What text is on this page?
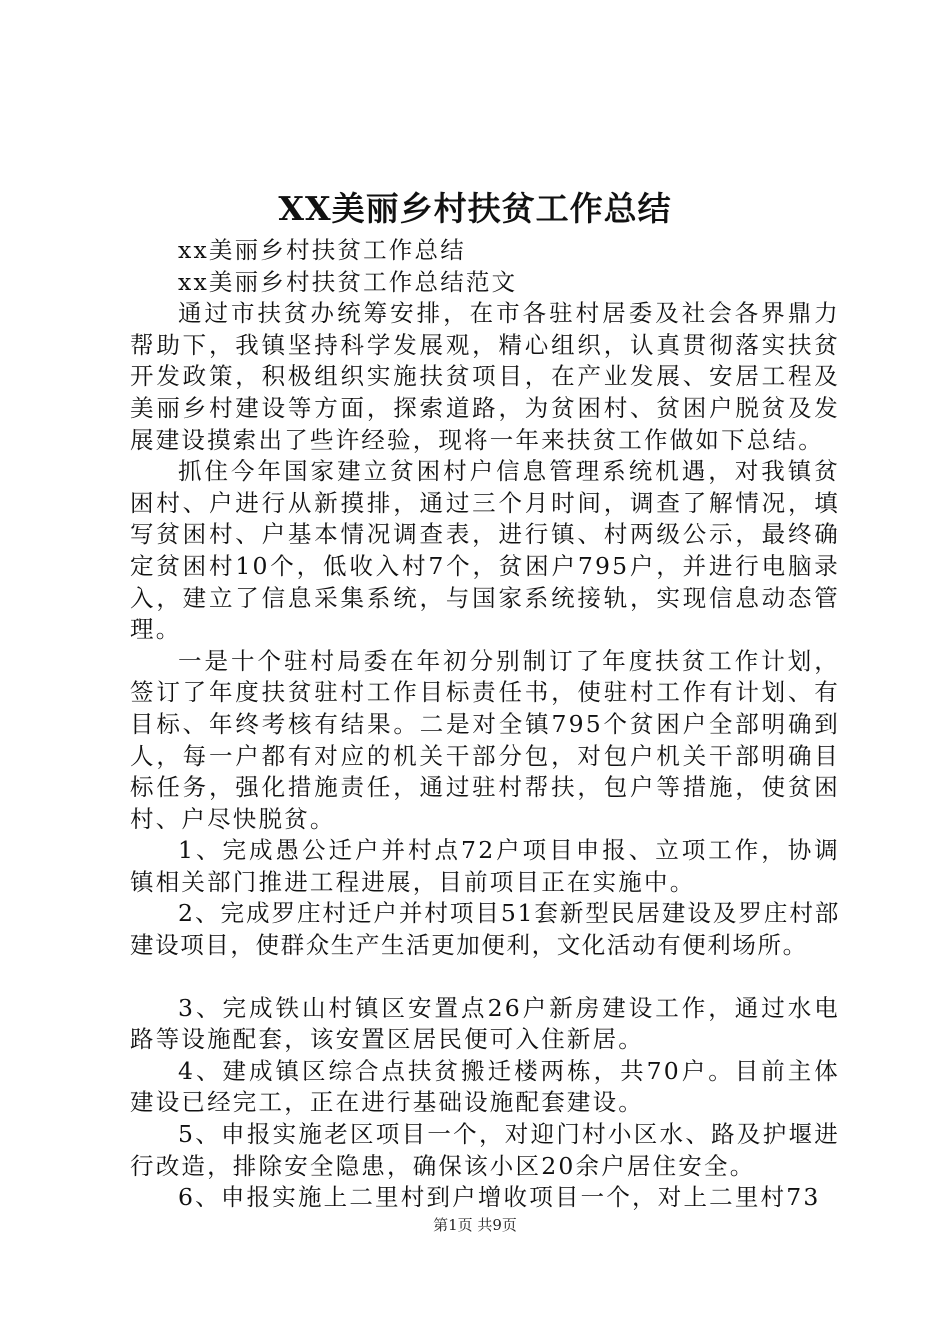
XX美丽乡村扶贫工作总结

xx美丽乡村扶贫工作总结

xx美丽乡村扶贫工作总结范文

通过市扶贫办统筹安排，在市各驻村居委及社会各界鼎力帮助下，我镇坚持科学发展观，精心组织，认真贯彻落实扶贫开发政策，积极组织实施扶贫项目，在产业发展、安居工程及美丽乡村建设等方面，探索道路，为贫困村、贫困户脱贫及发展建设摸索出了些许经验，现将一年来扶贫工作做如下总结。

抓住今年国家建立贫困村户信息管理系统机遇，对我镇贫困村、户进行从新摸排，通过三个月时间，调查了解情况，填写贫困村、户基本情况调查表，进行镇、村两级公示，最终确定贫困村10个，低收入村7个，贫困户795户，并进行电脑录入，建立了信息采集系统，与国家系统接轨，实现信息动态管理。

一是十个驻村局委在年初分别制订了年度扶贫工作计划，签订了年度扶贫驻村工作目标责任书，使驻村工作有计划、有目标、年终考核有结果。二是对全镇795个贫困户全部明确到人，每一户都有对应的机关干部分包，对包户机关干部明确目标任务，强化措施责任，通过驻村帮扶，包户等措施，使贫困村、户尽快脱贫。

1、完成愚公迁户并村点72户项目申报、立项工作，协调镇相关部门推进工程进展，目前项目正在实施中。

2、完成罗庄村迁户并村项目51套新型民居建设及罗庄村部建设项目，使群众生产生活更加便利，文化活动有便利场所。

3、完成铁山村镇区安置点26户新房建设工作，通过水电路等设施配套，该安置区居民便可入住新居。

4、建成镇区综合点扶贫搬迁楼两栋，共70户。目前主体建设已经完工，正在进行基础设施配套建设。

5、申报实施老区项目一个，对迎门村小区水、路及护堰进行改造，排除安全隐患，确保该小区20余户居住安全。

6、申报实施上二里村到户增收项目一个，对上二里村73

第1页 共9页
